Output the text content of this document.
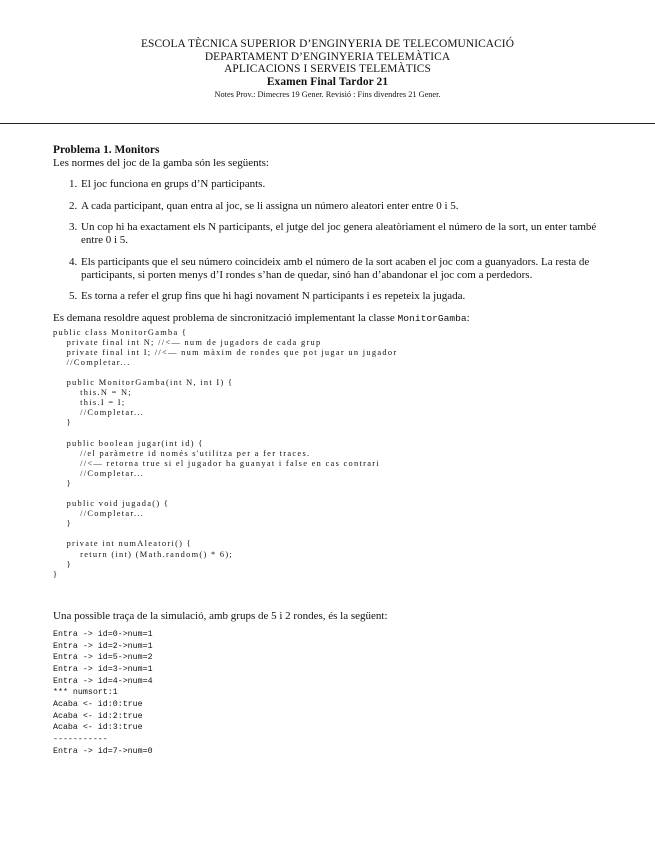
ESCOLA TÈCNICA SUPERIOR D’ENGINYERIA DE TELECOMUNICACIÓ
DEPARTAMENT D’ENGINYERIA TELEMÀTICA
APLICACIONS I SERVEIS TELEMÀTICS
Examen Final Tardor 21
Notes Prov.: Dimecres 19 Gener. Revisió : Fins divendres 21 Gener.
Problema 1. Monitors
Les normes del joc de la gamba són les següents:
1. El joc funciona en grups d’N participants.
2. A cada participant, quan entra al joc, se li assigna un número aleatori enter entre 0 i 5.
3. Un cop hi ha exactament els N participants, el jutge del joc genera aleatòriament el número de la sort, un enter també entre 0 i 5.
4. Els participants que el seu número coincideix amb el número de la sort acaben el joc com a guanyadors. La resta de participants, si porten menys d’I rondes s’han de quedar, sinó han d’abandonar el joc com a perdedors.
5. Es torna a refer el grup fins que hi hagi novament N participants i es repeteix la jugada.
Es demana resoldre aquest problema de sincronització implementant la classe MonitorGamba:
public class MonitorGamba {
private final int N; //<— num de jugadors de cada grup
private final int I; //<— num màxim de rondes que pot jugar un jugador
//Completar...

public MonitorGamba(int N, int I) {
this.N = N;
this.I = I;
//Completar...
}

public boolean jugar(int id) {
//el paràmetre id només s'utilitza per a fer traces.
//<— retorna true si el jugador ha guanyat i false en cas contrari
//Completar...
}

public void jugada() {
//Completar...
}

private int numAleatori() {
return (int) (Math.random() * 6);
}
}
Una possible traça de la simulació, amb grups de 5 i 2 rondes, és la següent:
Entra -> id=0->num=1
Entra -> id=2->num=1
Entra -> id=5->num=2
Entra -> id=3->num=1
Entra -> id=4->num=4
*** numsort:1
Acaba <- id:0:true
Acaba <- id:2:true
Acaba <- id:3:true
-----------
Entra -> id=7->num=0
